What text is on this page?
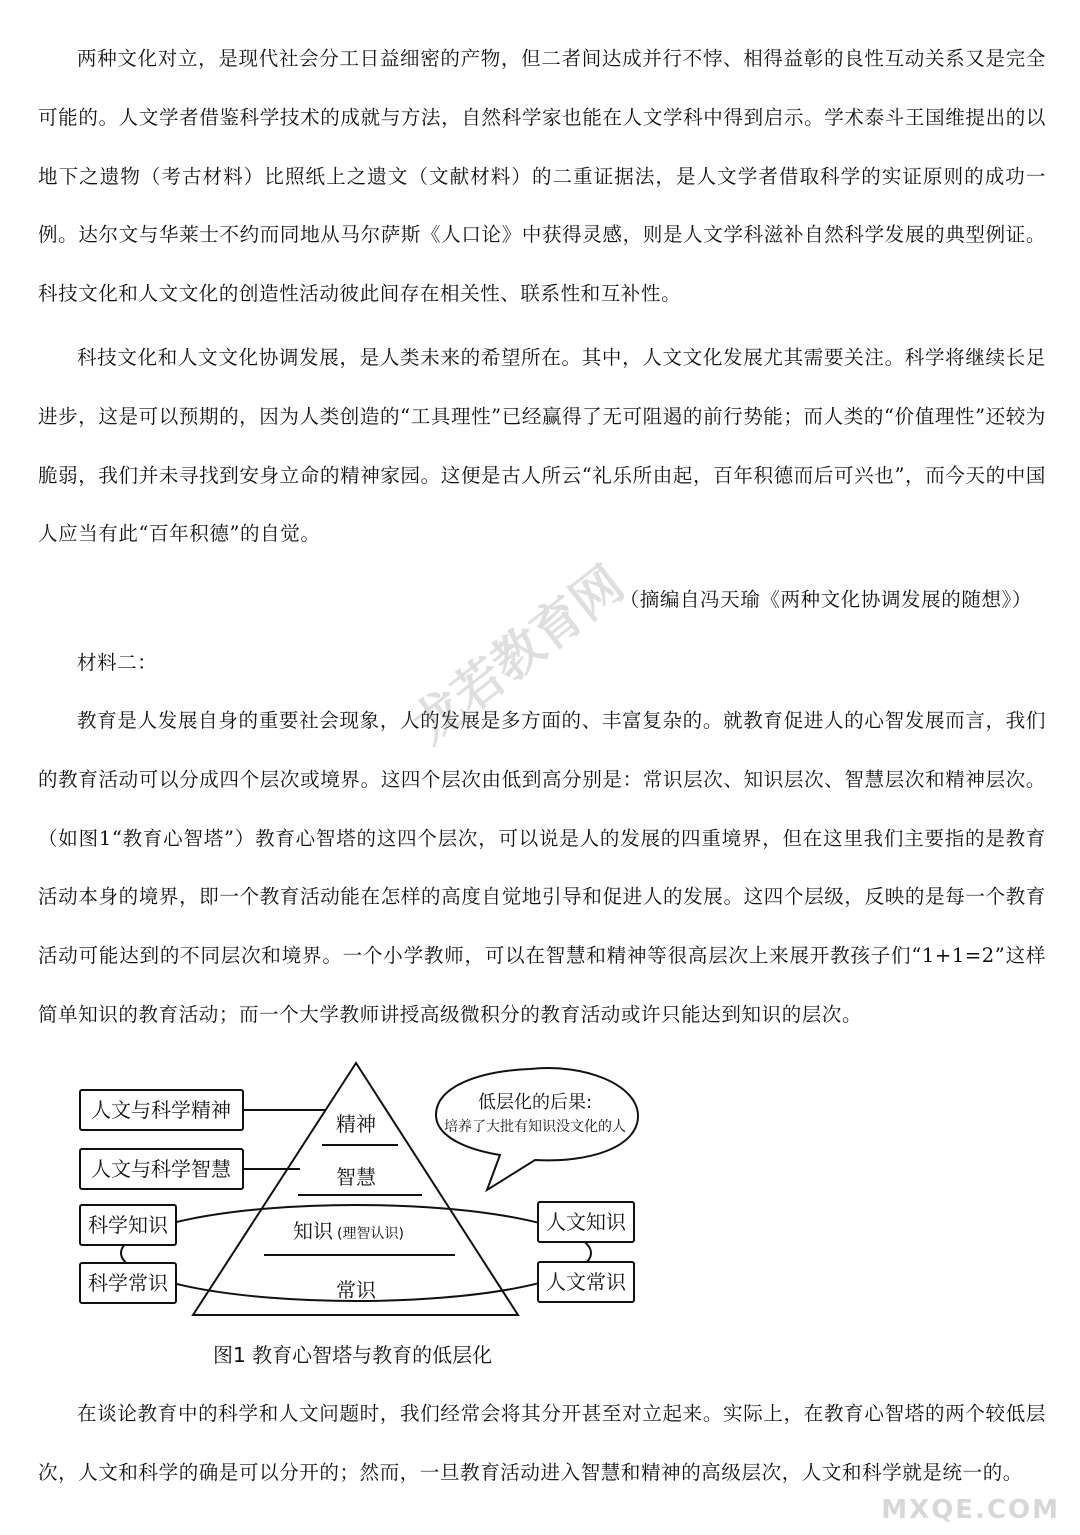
两种文化对立，是现代社会分工日益细密的产物，但二者间达成并行不悖、相得益彰的良性互动关系又是完全可能的。人文学者借鉴科学技术的成就与方法，自然科学家也能在人文学科中得到启示。学术泰斗王国维提出的以地下之遗物（考古材料）比照纸上之遗文（文献材料）的二重证据法，是人文学者借取科学的实证原则的成功一例。达尔文与华莱士不约而同地从马尔萨斯《人口论》中获得灵感，则是人文学科滋补自然科学发展的典型例证。科技文化和人文文化的创造性活动彼此间存在相关性、联系性和互补性。

科技文化和人文文化协调发展，是人类未来的希望所在。其中，人文文化发展尤其需要关注。科学将继续长足进步，这是可以预期的，因为人类创造的“工具理性”已经赢得了无可阻遏的前行势能；而人类的“价值理性”还较为脆弱，我们并未寻找到安身立命的精神家园。这便是古人所云“礼乐所由起，百年积德而后可兴也”，而今天的中国人应当有此“百年积德”的自觉。

（摘编自冯天瑜《两种文化协调发展的随想》）

材料二：

教育是人发展自身的重要社会现象，人的发展是多方面的、丰富复杂的。就教育促进人的心智发展而言，我们的教育活动可以分成四个层次或境界。这四个层次由低到高分别是：常识层次、知识层次、智慧层次和精神层次。（如图1“教育心智塔”）教育心智塔的这四个层次，可以说是人的发展的四重境界，但在这里我们主要指的是教育活动本身的境界，即一个教育活动能在怎样的高度自觉地引导和促进人的发展。这四个层级，反映的是每一个教育活动可能达到的不同层次和境界。一个小学教师，可以在智慧和精神等很高层次上来展开教孩子们“1+1=2”这样简单知识的教育活动；而一个大学教师讲授高级微积分的教育活动或许只能达到知识的层次。

精神
智慧
知识 (理智认识)
常识
人文与科学精神
人文与科学智慧
科学知识
科学常识
人文知识
人文常识
低层化的后果:
培养了大批有知识没文化的人

图1 教育心智塔与教育的低层化

在谈论教育中的科学和人文问题时，我们经常会将其分开甚至对立起来。实际上，在教育心智塔的两个较低层次，人文和科学的确是可以分开的；然而，一旦教育活动进入智慧和精神的高级层次，人文和科学就是统一的。

龙若教育网

MXQE.COM
